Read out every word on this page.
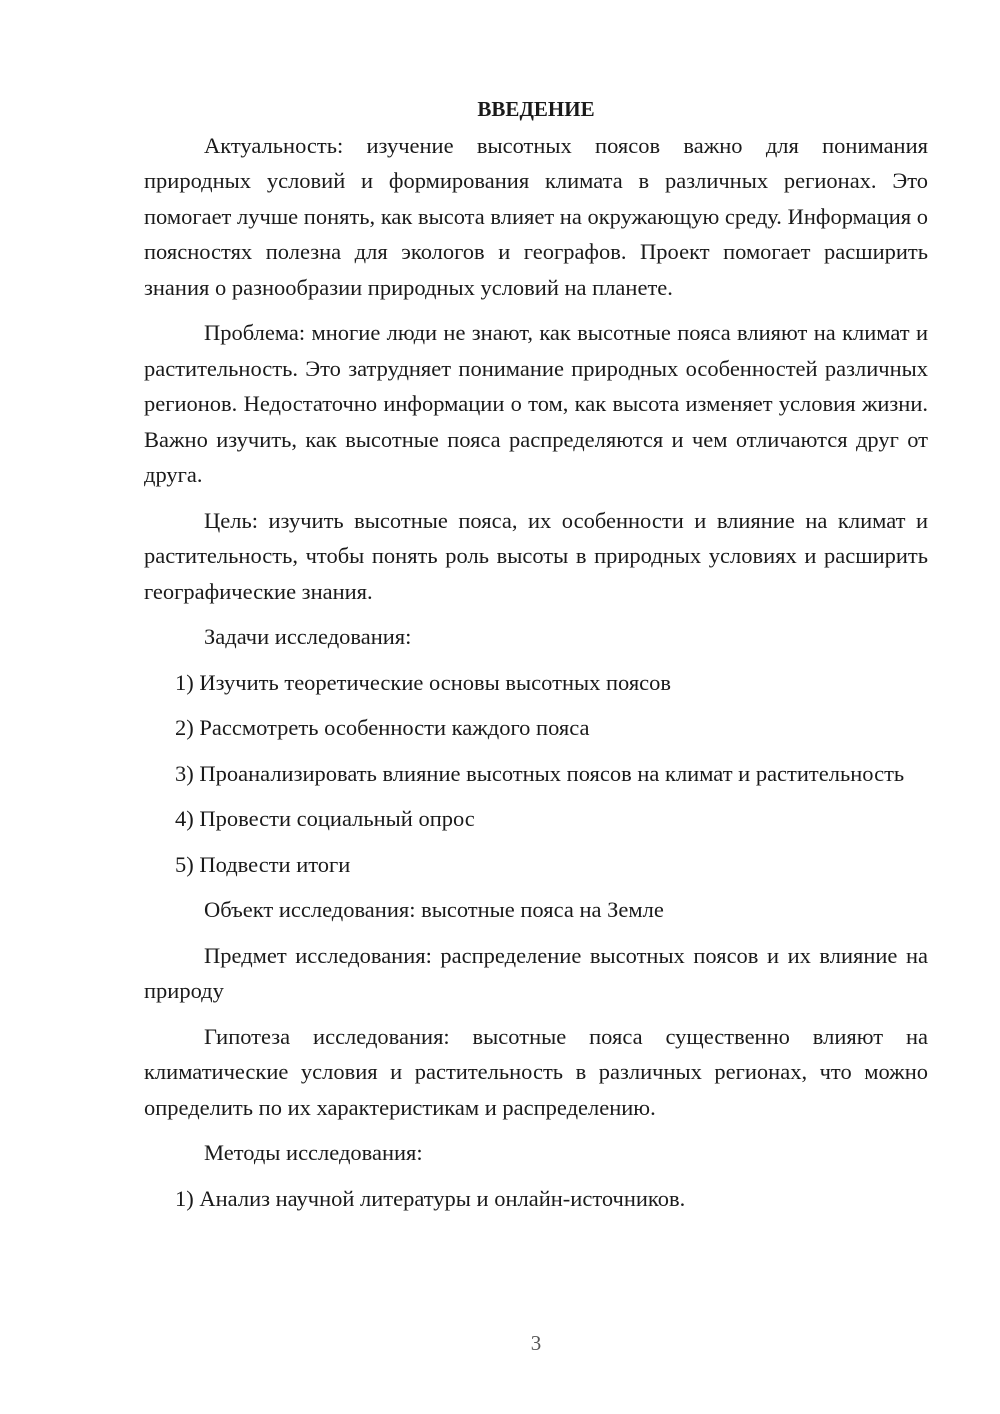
ВВЕДЕНИЕ

Актуальность: изучение высотных поясов важно для понимания природных условий и формирования климата в различных регионах. Это помогает лучше понять, как высота влияет на окружающую среду. Информация о поясностях полезна для экологов и географов. Проект помогает расширить знания о разнообразии природных условий на планете.

Проблема: многие люди не знают, как высотные пояса влияют на климат и растительность. Это затрудняет понимание природных особенностей различных регионов. Недостаточно информации о том, как высота изменяет условия жизни. Важно изучить, как высотные пояса распределяются и чем отличаются друг от друга.

Цель: изучить высотные пояса, их особенности и влияние на климат и растительность, чтобы понять роль высоты в природных условиях и расширить географические знания.

Задачи исследования:

1) Изучить теоретические основы высотных поясов

2) Рассмотреть особенности каждого пояса

3) Проанализировать влияние высотных поясов на климат и растительность

4) Провести социальный опрос

5) Подвести итоги

Объект исследования: высотные пояса на Земле

Предмет исследования: распределение высотных поясов и их влияние на природу

Гипотеза исследования: высотные пояса существенно влияют на климатические условия и растительность в различных регионах, что можно определить по их характеристикам и распределению.

Методы исследования:

1) Анализ научной литературы и онлайн-источников.

3
